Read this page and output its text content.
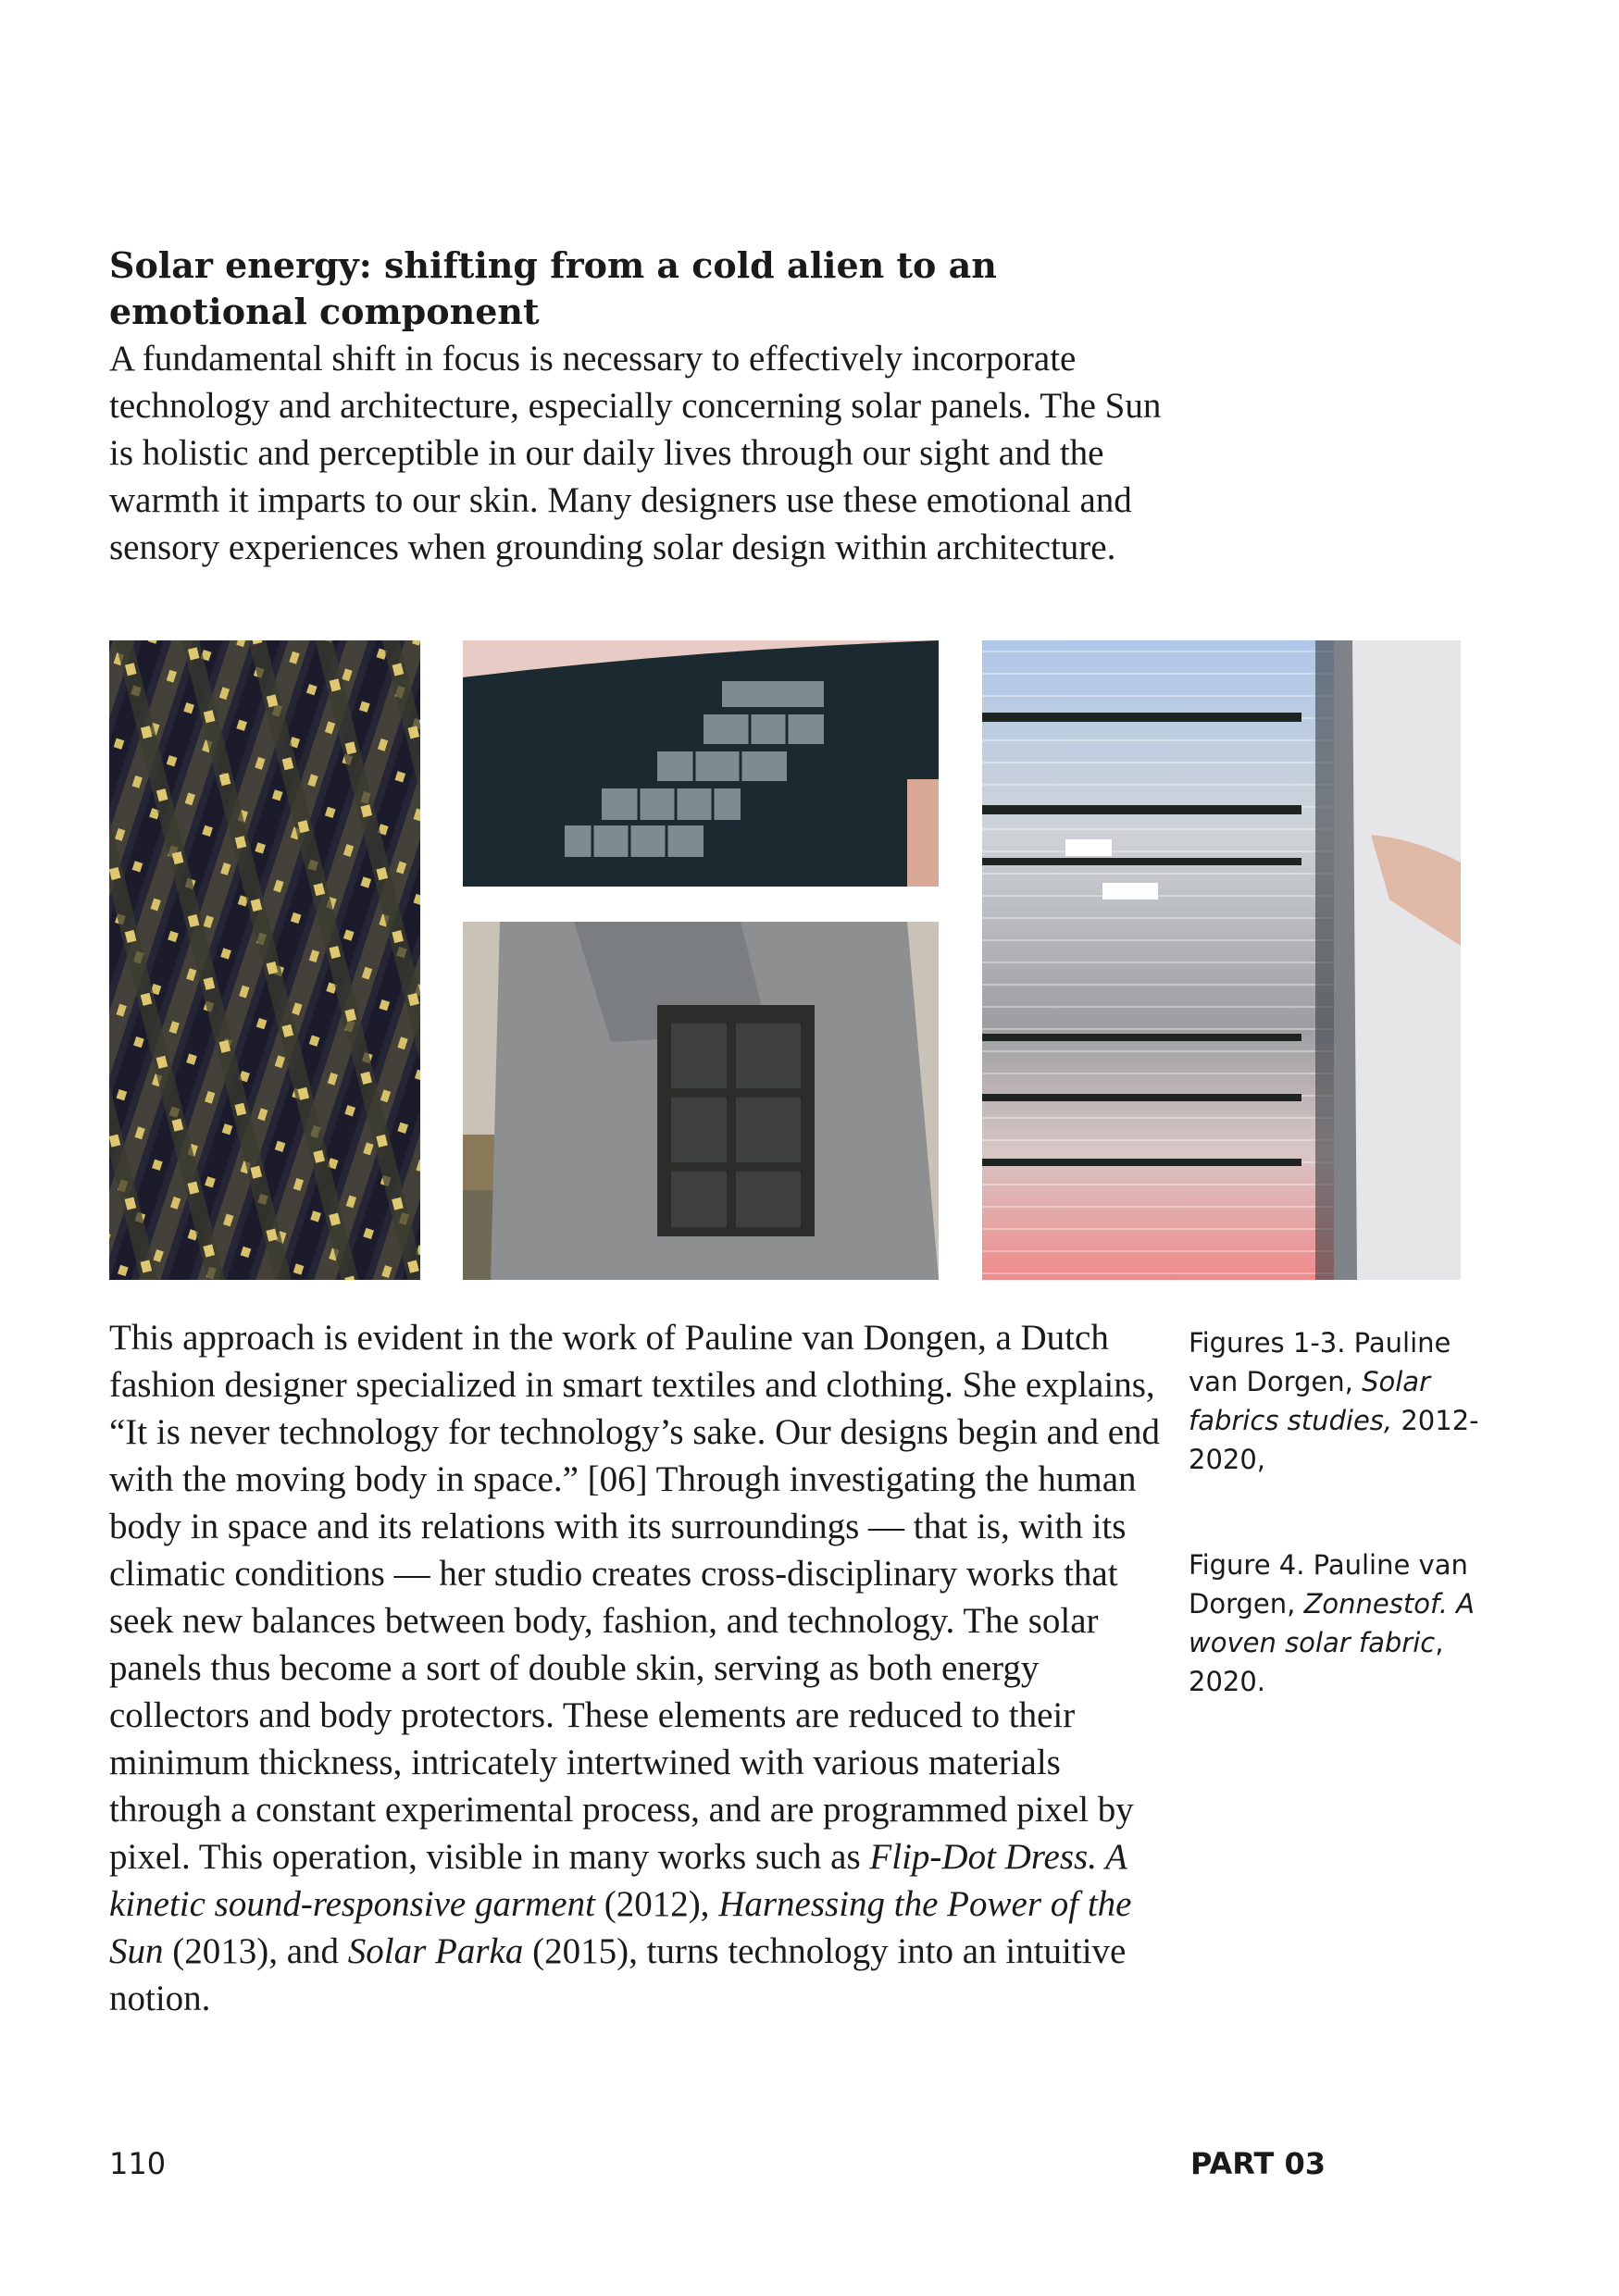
Solar energy: shifting from a cold alien to an emotional component
A fundamental shift in focus is necessary to effectively incorporate technology and architecture, especially concerning solar panels. The Sun is holistic and perceptible in our daily lives through our sight and the warmth it imparts to our skin. Many designers use these emotional and sensory experiences when grounding solar design within architecture.
This approach is evident in the work of Pauline van Dongen, a Dutch fashion designer specialized in smart textiles and clothing. She explains, “It is never technology for technology’s sake. Our designs begin and end with the moving body in space.” [06] Through investigating the human body in space and its relations with its surroundings — that is, with its climatic conditions — her studio creates cross-disciplinary works that seek new balances between body, fashion, and technology. The solar panels thus become a sort of double skin, serving as both energy collectors and body protectors. These elements are reduced to their minimum thickness, intricately intertwined with various materials through a constant experimental process, and are programmed pixel by pixel. This operation, visible in many works such as Flip-Dot Dress. A kinetic sound-responsive garment (2012), Harnessing the Power of the Sun (2013), and Solar Parka (2015), turns technology into an intuitive notion.
Figures 1-3. Pauline van Dorgen, Solar fabrics studies, 2012-2020,
Figure 4. Pauline van Dorgen, Zonnestof. A woven solar fabric, 2020.
110	PART 03
